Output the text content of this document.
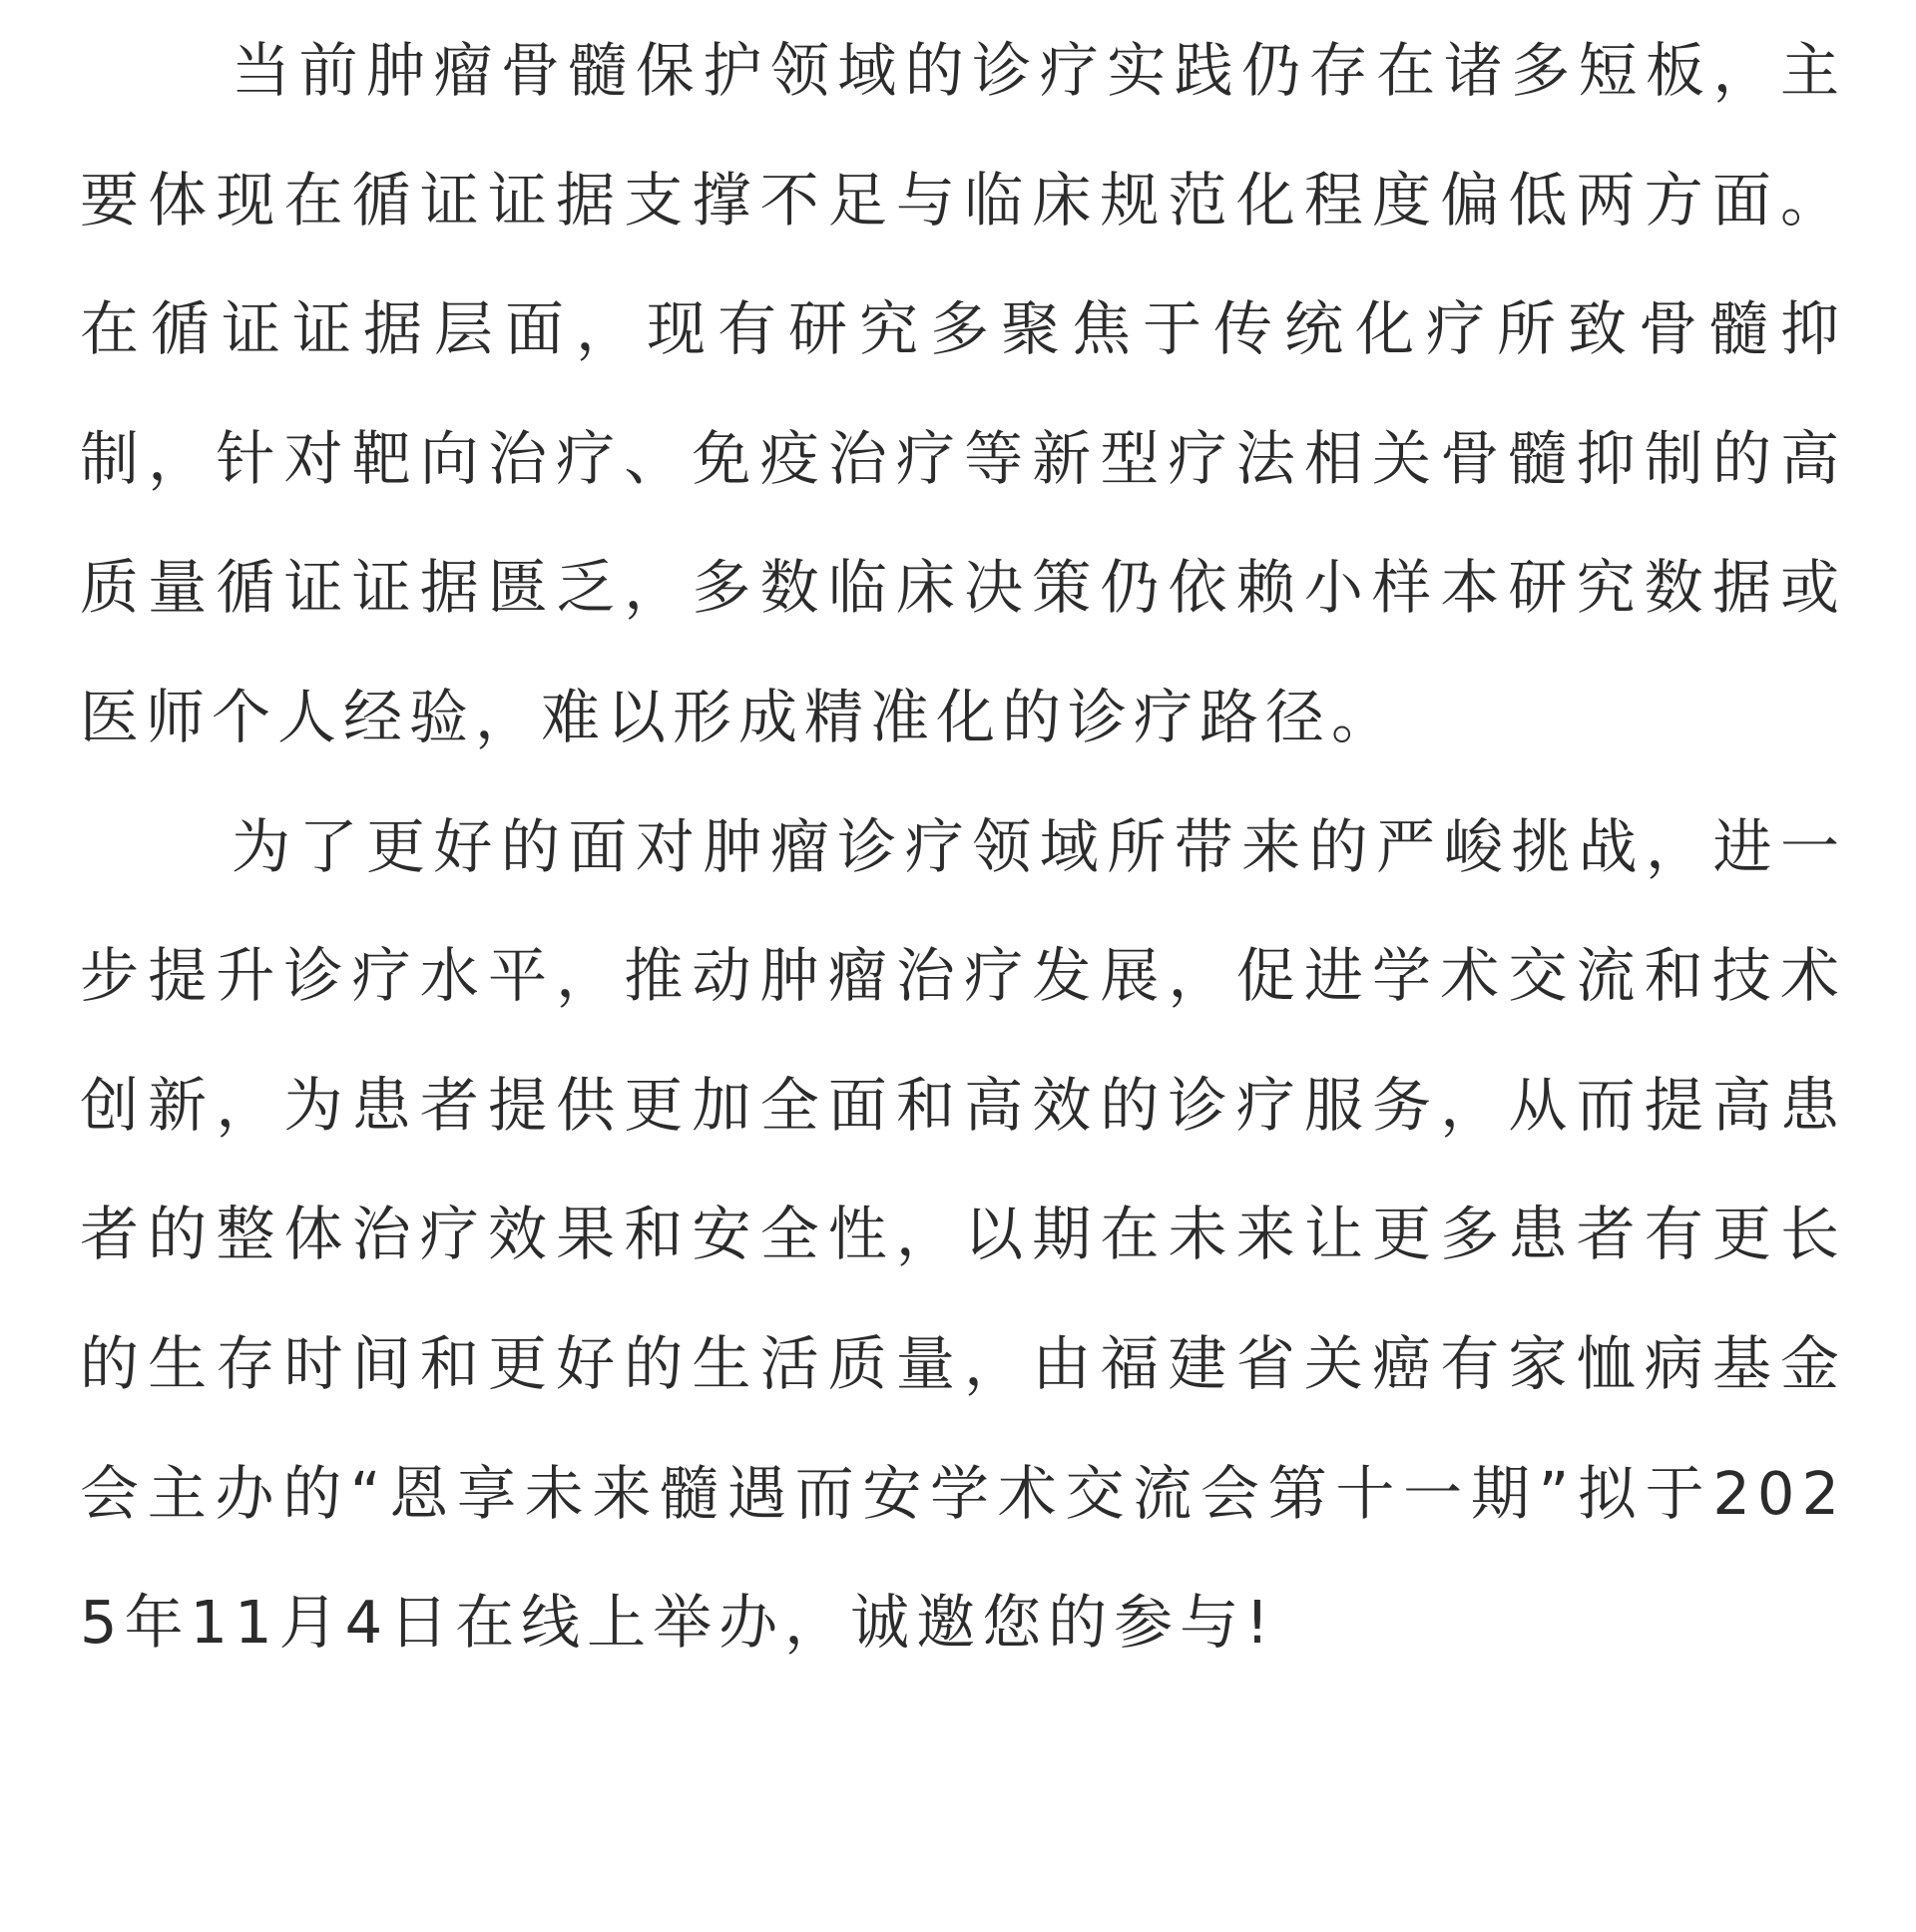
当前肿瘤骨髓保护领域的诊疗实践仍存在诸多短板，主要体现在循证证据支撑不足与临床规范化程度偏低两方面。在循证证据层面，现有研究多聚焦于传统化疗所致骨髓抑制，针对靶向治疗、免疫治疗等新型疗法相关骨髓抑制的高质量循证证据匮乏，多数临床决策仍依赖小样本研究数据或医师个人经验，难以形成精准化的诊疗路径。

为了更好的面对肿瘤诊疗领域所带来的严峻挑战，进一步提升诊疗水平，推动肿瘤治疗发展，促进学术交流和技术创新，为患者提供更加全面和高效的诊疗服务，从而提高患者的整体治疗效果和安全性，以期在未来让更多患者有更长的生存时间和更好的生活质量，由福建省关癌有家恤病基金会主办的“恩享未来髓遇而安学术交流会第十一期”拟于2025年11月4日在线上举办，诚邀您的参与!
